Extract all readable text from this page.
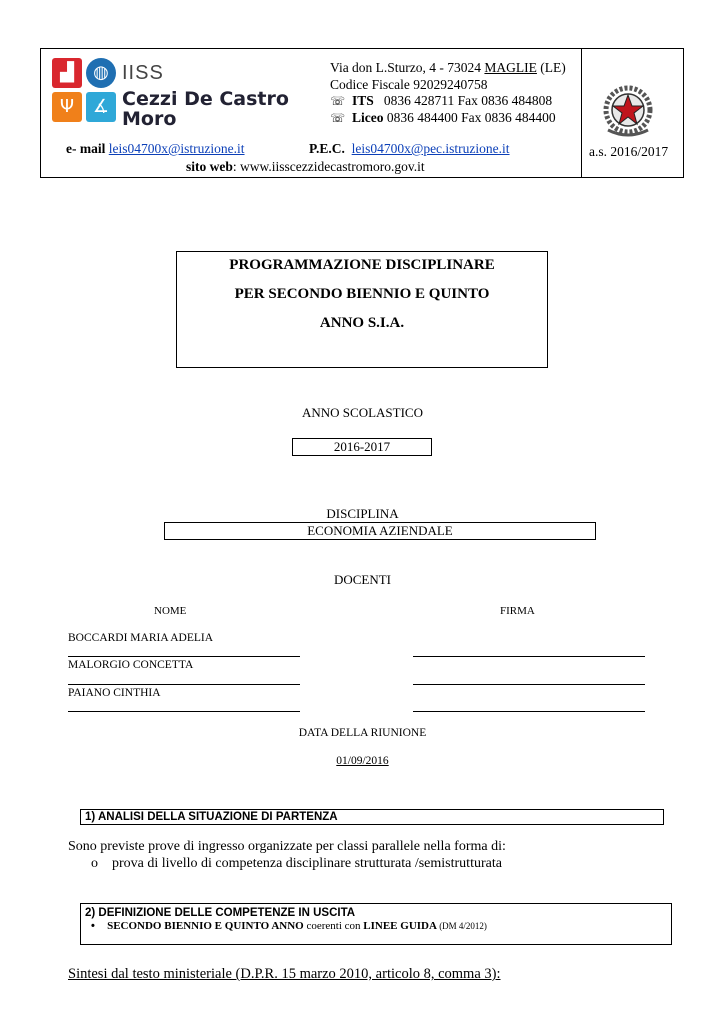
▟	◍
Ψ	∡
IISS
Cezzi De Castro
Moro
Via don L.Sturzo, 4 - 73024 MAGLIE (LE)
Codice Fiscale 92029240758
☏ ITS 0836 428711 Fax 0836 484808
☏ Liceo 0836 484400 Fax 0836 484400
e- mail leis04700x@istruzione.it	P.E.C. leis04700x@pec.istruzione.it
sito web: www.iisscezzidecastromoro.gov.it
a.s. 2016/2017
PROGRAMMAZIONE DISCIPLINARE
PER SECONDO BIENNIO E QUINTO
ANNO S.I.A.
ANNO SCOLASTICO
2016-2017
DISCIPLINA
ECONOMIA AZIENDALE
DOCENTI
NOME	FIRMA
BOCCARDI MARIA ADELIA
MALORGIO CONCETTA
PAIANO CINTHIA
DATA DELLA RIUNIONE
01/09/2016
1) ANALISI DELLA SITUAZIONE DI PARTENZA
Sono previste prove di ingresso organizzate per classi parallele nella forma di:
o prova di livello di competenza disciplinare strutturata /semistrutturata
2) DEFINIZIONE DELLE COMPETENZE IN USCITA
• SECONDO BIENNIO E QUINTO ANNO coerenti con LINEE GUIDA (DM 4/2012)
Sintesi dal testo ministeriale (D.P.R. 15 marzo 2010, articolo 8, comma 3):
